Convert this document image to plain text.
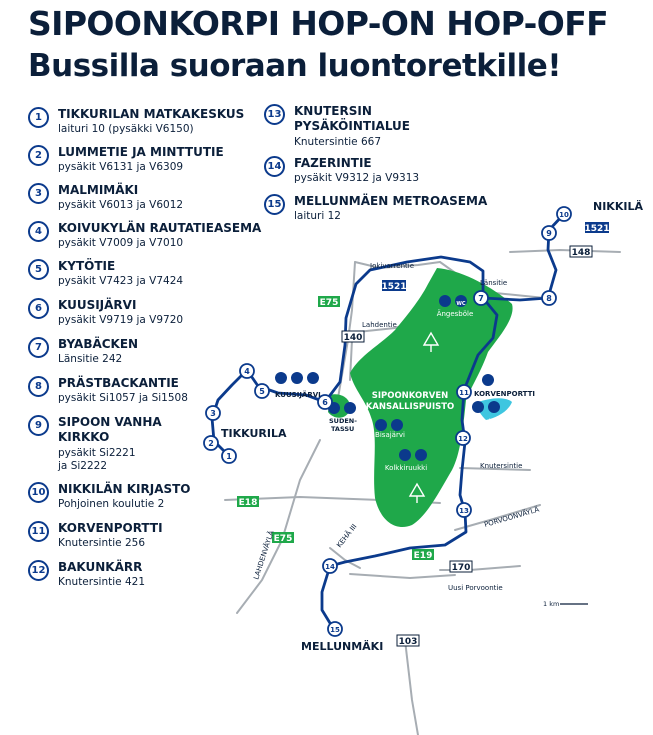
SIPOONKORPI HOP-ON HOP-OFF
Bussilla suoraan luontoretkille!
1	TIKKURILAN MATKAKESKUS
laituri 10 (pysäkki V6150)
2	LUMMETIE JA MINTTUTIE
pysäkit V6131 ja V6309
3	MALMIMÄKI
pysäkit V6013 ja V6012
4	KOIVUKYLÄN RAUTATIEASEMA
pysäkit V7009 ja V7010
5	KYTÖTIE
pysäkit V7423 ja V7424
6	KUUSIJÄRVI
pysäkit V9719 ja V9720
7	BYABÄCKEN
Länsitie 242
8	PRÄSTBACKANTIE
pysäkit Si1057 ja Si1508
9	SIPOON VANHA KIRKKO
pysäkit Si2221
ja Si2222
10 NIKKILÄN KIRJASTO
Pohjoinen koulutie 2
11 KORVENPORTTI
Knutersintie 256
12 BAKUNKÄRR
Knutersintie 421
13 KNUTERSIN PYSÄKÖINTIALUE
Knutersintie 667
14 FAZERINTIE
pysäkit V9312 ja V9313
15 MELLUNMÄEN METROASEMA
laituri 12
1521
1521
148
140
170
103
E75
E75
E18
E19
Jokivarrentie
Länsitie
Lahdentie
Knutersintie
Uusi Porvoontie
PORVOONVÄYLÄ
LAHDENVÄYLÄ	KEHÄ III
SIPOONKORVEN
KANSALLISPUISTO
Ängesböle
Bisajärvi
Kolkkiruukki
Fiskträsk
WC
1
2
3
4
5
6
7	8
9
10
11
12
13
14
15
NIKKILÄ
TIKKURILA
MELLUNMÄKI
KUUSIJÄRVI	KORVENPORTTI
SUDEN-
TASSU
1 km
